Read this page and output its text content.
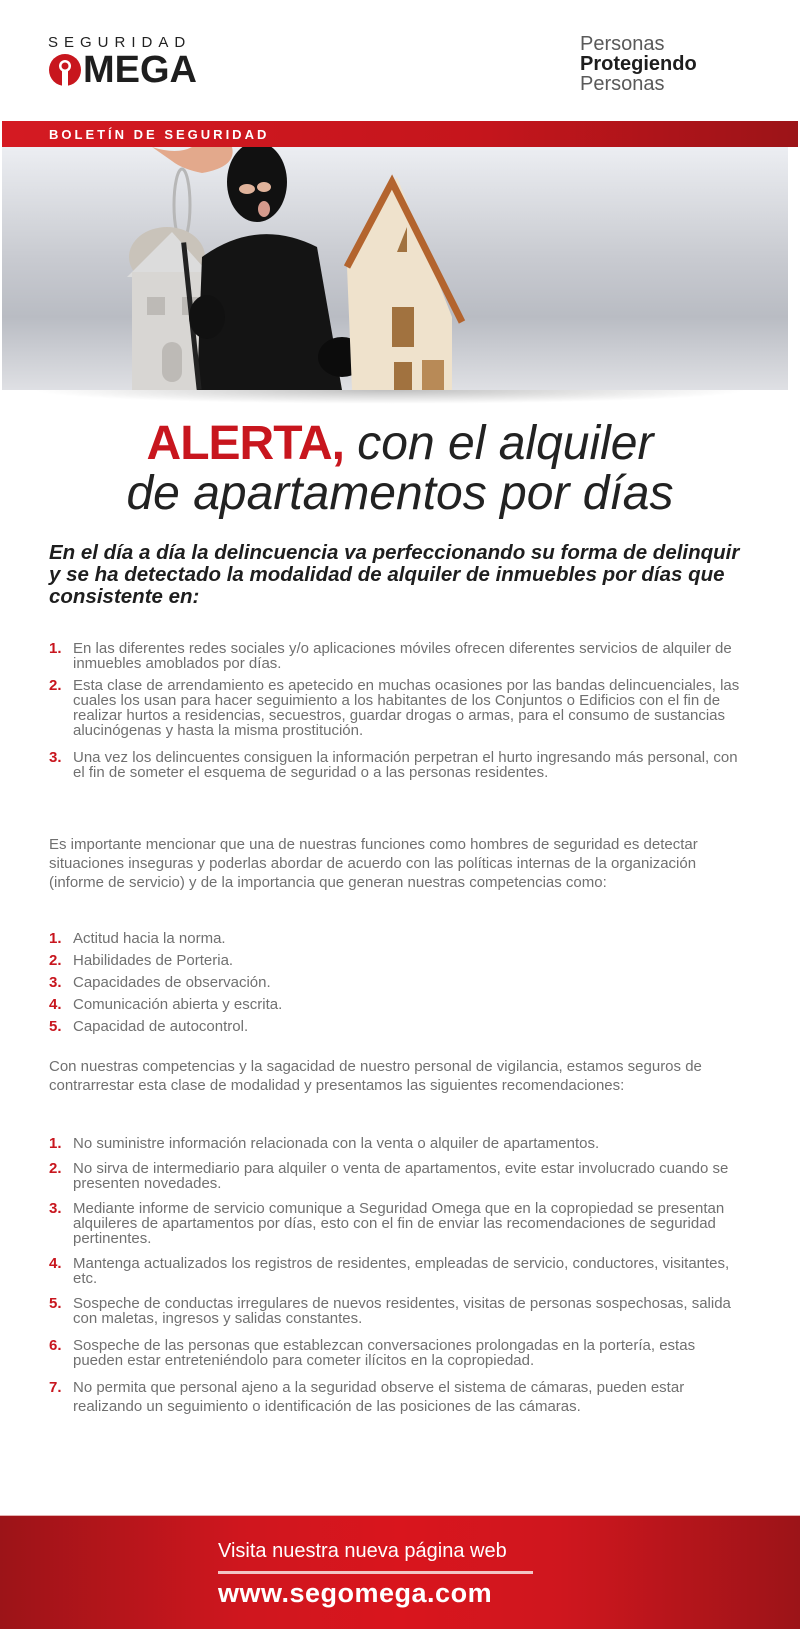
SEGURIDAD
MEGA
Personas
Protegiendo
Personas
BOLETÍN DE SEGURIDAD
ALERTA, con el alquiler
de apartamentos por días
En el día a día la delincuencia va perfeccionando su forma de delinquir y se ha detectado la modalidad de alquiler de inmuebles por días que consistente en:
1. En las diferentes redes sociales y/o aplicaciones móviles ofrecen diferentes servicios de alquiler de inmuebles amoblados por días.
2. Esta clase de arrendamiento es apetecido en muchas ocasiones por las bandas delincuenciales, las cuales los usan para hacer seguimiento a los habitantes de los Conjuntos o Edificios con el fin de realizar hurtos a residencias, secuestros, guardar drogas o armas, para el consumo de sustancias alucinógenas y hasta la misma prostitución.
3. Una vez los delincuentes consiguen la información perpetran el hurto ingresando más personal, con el fin de someter el esquema de seguridad o a las personas residentes.
Es importante mencionar que una de nuestras funciones como hombres de seguridad es detectar situaciones inseguras y poderlas abordar de acuerdo con las políticas internas de la organización (informe de servicio) y de la importancia que generan nuestras competencias como:
1. Actitud hacia la norma.
2. Habilidades de Porteria.
3. Capacidades de observación.
4. Comunicación abierta y escrita.
5. Capacidad de autocontrol.
Con nuestras competencias y la sagacidad de nuestro personal de vigilancia, estamos seguros de contrarrestar esta clase de modalidad y presentamos las siguientes recomendaciones:
1. No suministre información relacionada con la venta o alquiler de apartamentos.
2. No sirva de intermediario para alquiler o venta de apartamentos, evite estar involucrado cuando se presenten novedades.
3. Mediante informe de servicio comunique a Seguridad Omega que en la copropiedad se presentan alquileres de apartamentos por días, esto con el fin de enviar las recomendaciones de seguridad pertinentes.
4. Mantenga actualizados los registros de residentes, empleadas de servicio, conductores, visitantes, etc.
5. Sospeche de conductas irregulares de nuevos residentes, visitas de personas sospechosas, salida con maletas, ingresos y salidas constantes.
6. Sospeche de las personas que establezcan conversaciones prolongadas en la portería, estas pueden estar entreteniéndolo para cometer ilícitos en la copropiedad.
7. No permita que personal ajeno a la seguridad observe el sistema de cámaras, pueden estar realizando un seguimiento o identificación de las posiciones de las cámaras.
Visita nuestra nueva página web
www.segomega.com
